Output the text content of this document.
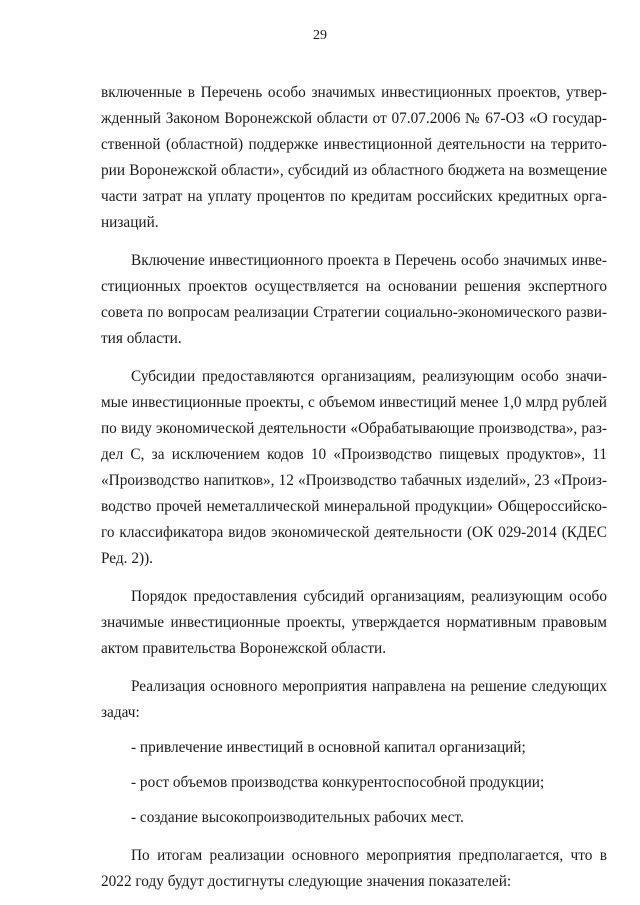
29
включенные в Перечень особо значимых инвестиционных проектов, утвер-
жденный Законом Воронежской области от 07.07.2006 № 67-ОЗ «О государ-
ственной (областной) поддержке инвестиционной деятельности на террито-
рии Воронежской области», субсидий из областного бюджета на возмещение
части затрат на уплату процентов по кредитам российских кредитных орга-
низаций.
Включение инвестиционного проекта в Перечень особо значимых инве-
стиционных проектов осуществляется на основании решения экспертного
совета по вопросам реализации Стратегии социально-экономического разви-
тия области.
Субсидии предоставляются организациям, реализующим особо значи-
мые инвестиционные проекты, с объемом инвестиций менее 1,0 млрд рублей
по виду экономической деятельности «Обрабатывающие производства», раз-
дел С, за исключением кодов 10 «Производство пищевых продуктов», 11
«Производство напитков», 12 «Производство табачных изделий», 23 «Произ-
водство прочей неметаллической минеральной продукции» Общероссийско-
го классификатора видов экономической деятельности (ОК 029-2014 (КДЕС
Ред. 2)).
Порядок предоставления субсидий организациям, реализующим особо
значимые инвестиционные проекты, утверждается нормативным правовым
актом правительства Воронежской области.
Реализация основного мероприятия направлена на решение следующих
задач:
- привлечение инвестиций в основной капитал организаций;
- рост объемов производства конкурентоспособной продукции;
- создание высокопроизводительных рабочих мест.
По итогам реализации основного мероприятия предполагается, что в
2022 году будут достигнуты следующие значения показателей:
